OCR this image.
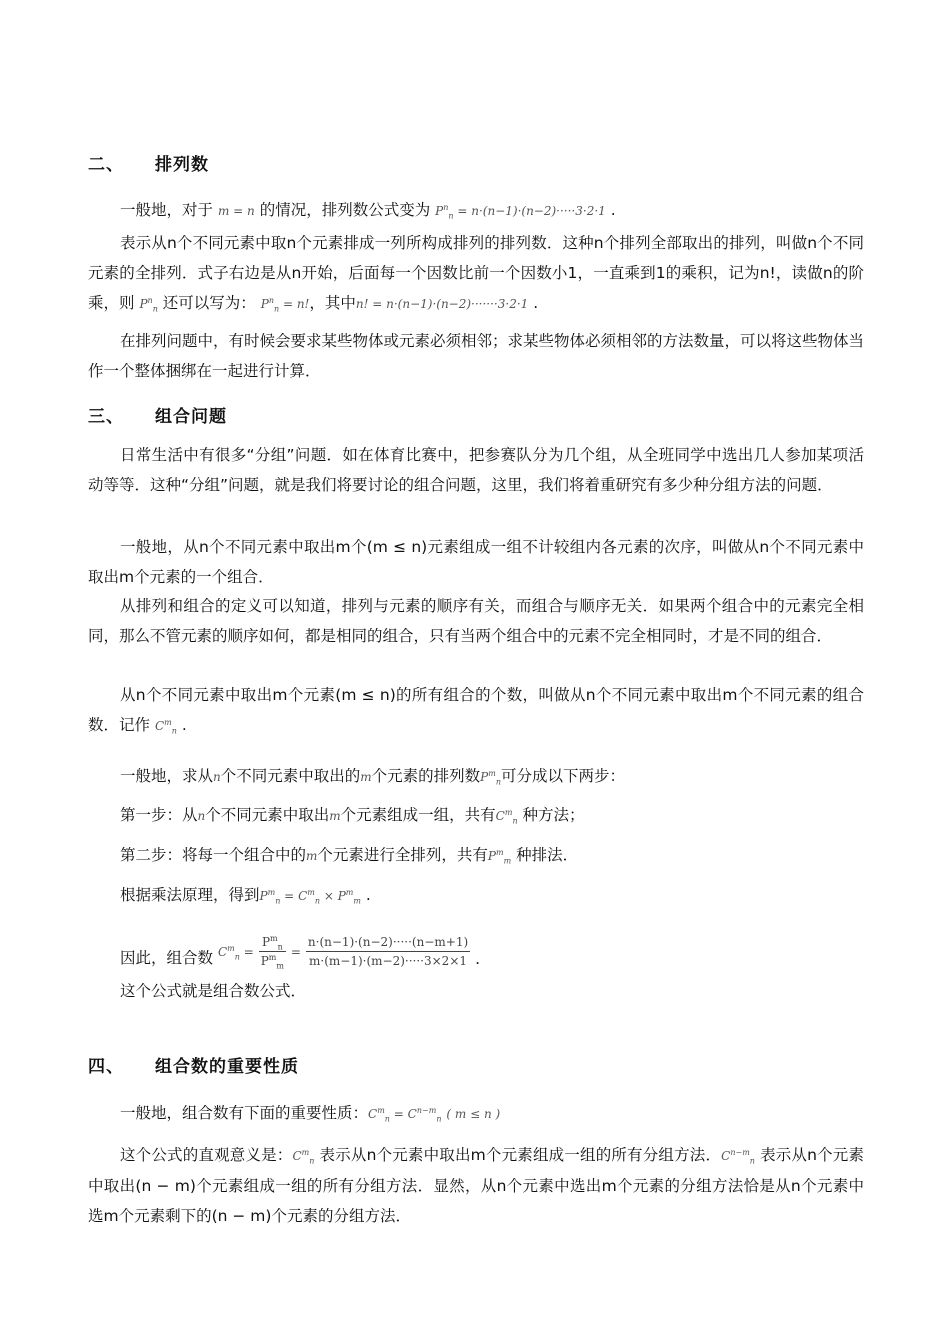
二、 排列数
一般地，对于 m = n 的情况，排列数公式变为 $P^n_n = n\cdot(n-1)\cdot(n-2)\cdot\cdot\cdot\cdot\cdot 3\cdot 2\cdot 1$ .
表示从n个不同元素中取n个元素排成一列所构成排列的排列数．这种n个排列全部取出的排列，叫做n个不同元素的全排列．式子右边是从n开始，后面每一个因数比前一个因数小1，一直乘到1的乘积，记为n!，读做n的阶乘，则 $P^n_n$ 还可以写为： $P^n_n = n$!，其中n! = n·(n−1)·(n−2)·······3·2·1 .
在排列问题中，有时候会要求某些物体或元素必须相邻；求某些物体必须相邻的方法数量，可以将这些物体当作一个整体捆绑在一起进行计算．
三、 组合问题
日常生活中有很多“分组”问题．如在体育比赛中，把参赛队分为几个组，从全班同学中选出几人参加某项活动等等．这种“分组”问题，就是我们将要讨论的组合问题，这里，我们将着重研究有多少种分组方法的问题．
一般地，从n个不同元素中取出m个(m ≤ n)元素组成一组不计较组内各元素的次序，叫做从n个不同元素中取出m个元素的一个组合．
从排列和组合的定义可以知道，排列与元素的顺序有关，而组合与顺序无关．如果两个组合中的元素完全相同，那么不管元素的顺序如何，都是相同的组合，只有当两个组合中的元素不完全相同时，才是不同的组合．
从n个不同元素中取出m个元素(m ≤ n)的所有组合的个数，叫做从n个不同元素中取出m个不同元素的组合数．记作 $C^m_n$ .
一般地，求从n个不同元素中取出的m个元素的排列数$P^m_n$可分成以下两步：
第一步：从n个不同元素中取出m个元素组成一组，共有$C^m_n$ 种方法；
第二步：将每一个组合中的m个元素进行全排列，共有$P^m_m$ 种排法．
根据乘法原理，得到$P^m_n = C^m_n \times P^m_m$ .
因此，组合数 $C^m_n = \frac{P^m_n}{P^m_m} = \frac{n\cdot(n-1)\cdot(n-2)\cdot\cdot\cdot\cdot\cdot(n-m+1)}{m\cdot(m-1)\cdot(m-2)\cdot\cdot\cdot\cdot\cdot 3\times 2\times 1}$ .
这个公式就是组合数公式．
四、 组合数的重要性质
一般地，组合数有下面的重要性质：$C^m_n = C^{n-m}_n$ ( m ≤ n )
这个公式的直观意义是：$C^m_n$ 表示从n个元素中取出m个元素组成一组的所有分组方法．$C^{n-m}_n$ 表示从n个元素中取出(n − m)个元素组成一组的所有分组方法．显然，从n个元素中选出m个元素的分组方法恰是从n个元素中选m个元素剩下的(n − m)个元素的分组方法．
